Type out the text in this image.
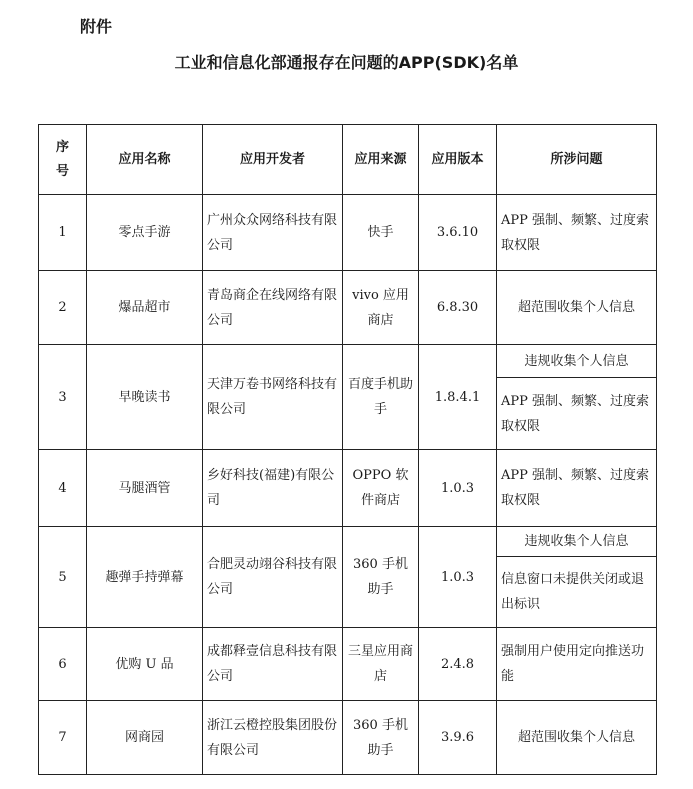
附件
工业和信息化部通报存在问题的APP(SDK)名单
序号	应用名称	应用开发者	应用来源	应用版本	所涉问题
1	零点手游	广州众众网络科技有限公司	快手	3.6.10	APP 强制、频繁、过度索取权限
2	爆品超市	青岛商企在线网络有限公司	vivo 应用商店	6.8.30	超范围收集个人信息
3	早晚读书	天津万卷书网络科技有限公司	百度手机助手	1.8.4.1	违规收集个人信息
					APP 强制、频繁、过度索取权限
4	马腿酒管	乡好科技(福建)有限公司	OPPO 软件商店	1.0.3	APP 强制、频繁、过度索取权限
5	趣弹手持弹幕	合肥灵动翊谷科技有限公司	360 手机助手	1.0.3	违规收集个人信息
					信息窗口未提供关闭或退出标识
6	优购 U 品	成都释壹信息科技有限公司	三星应用商店	2.4.8	强制用户使用定向推送功能
7	网商园	浙江云橙控股集团股份有限公司	360 手机助手	3.9.6	超范围收集个人信息
